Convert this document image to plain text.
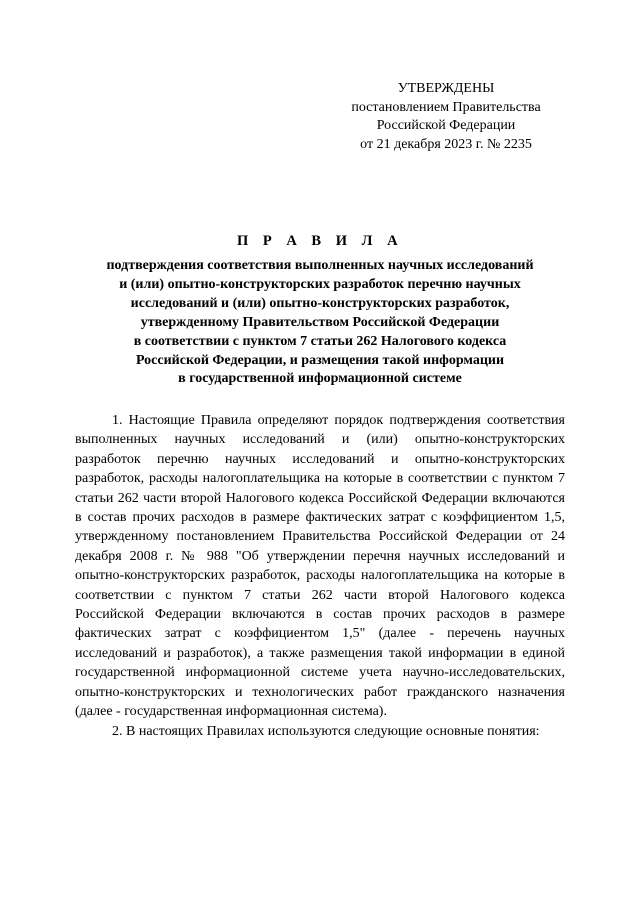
УТВЕРЖДЕНЫ
постановлением Правительства
Российской Федерации
от 21 декабря 2023 г. № 2235
П Р А В И Л А
подтверждения соответствия выполненных научных исследований
и (или) опытно-конструкторских разработок перечню научных
исследований и (или) опытно-конструкторских разработок,
утвержденному Правительством Российской Федерации
в соответствии с пунктом 7 статьи 262 Налогового кодекса
Российской Федерации, и размещения такой информации
в государственной информационной системе

1. Настоящие Правила определяют порядок подтверждения соответствия выполненных научных исследований и (или) опытно-конструкторских разработок перечню научных исследований и опытно-конструкторских разработок, расходы налогоплательщика на которые в соответствии с пунктом 7 статьи 262 части второй Налогового кодекса Российской Федерации включаются в состав прочих расходов в размере фактических затрат с коэффициентом 1,5, утвержденному постановлением Правительства Российской Федерации от 24 декабря 2008 г. № 988 "Об утверждении перечня научных исследований и опытно-конструкторских разработок, расходы налогоплательщика на которые в соответствии с пунктом 7 статьи 262 части второй Налогового кодекса Российской Федерации включаются в состав прочих расходов в размере фактических затрат с коэффициентом 1,5" (далее - перечень научных исследований и разработок), а также размещения такой информации в единой государственной информационной системе учета научно-исследовательских, опытно-конструкторских и технологических работ гражданского назначения (далее - государственная информационная система).

2. В настоящих Правилах используются следующие основные понятия:
